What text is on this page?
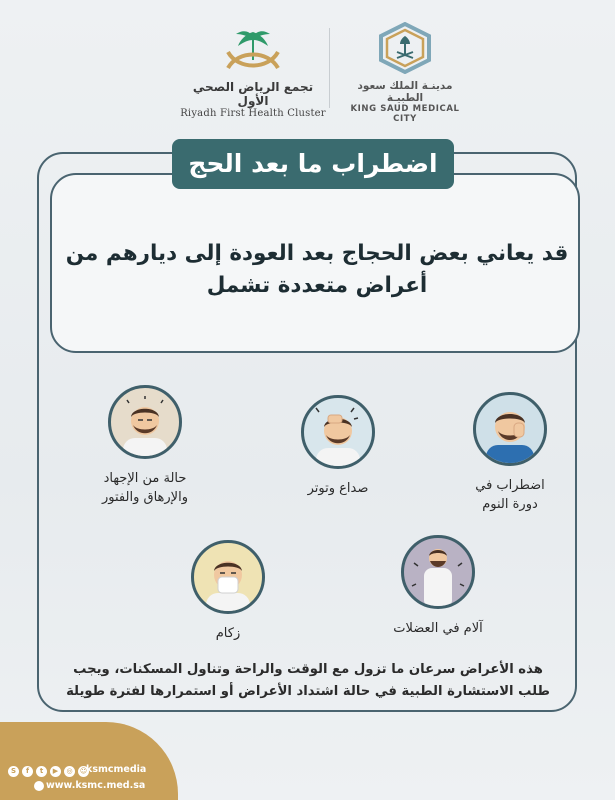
تجمع الرياض الصحي الأول
Riyadh First Health Cluster
مدينـة الملك سعود الطبيـة
KING SAUD MEDICAL CITY
اضطراب ما بعد الحج
قد يعاني بعض الحجاج بعد العودة إلى ديارهم من أعراض متعددة تشمل
اضطراب في
دورة النوم
صداع وتوتر
حالة من الإجهاد
والإرهاق والفتور
آلام في العضلات
زكام
هذه الأعراض سرعان ما تزول مع الوقت والراحة وتناول المسكنات، ويجب طلب الاستشارة الطبية في حالة اشتداد الأعراض أو استمرارها لفترة طويلة
S	f	t	▶	◎	☺
ksmcmedia
www.ksmc.med.sa
